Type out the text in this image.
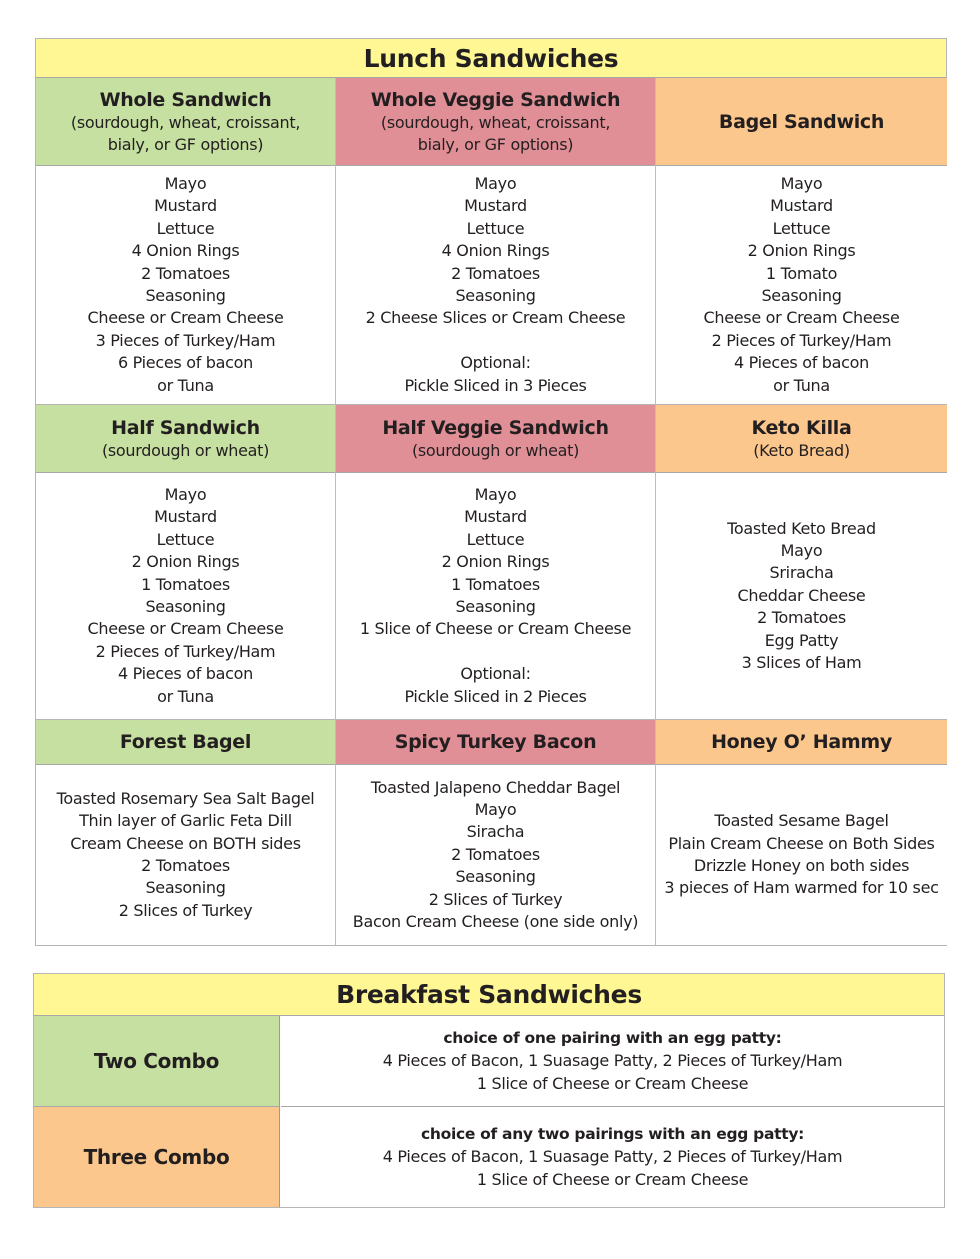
Lunch Sandwiches
Whole Sandwich
(sourdough, wheat, croissant,
bialy, or GF options)
Whole Veggie Sandwich
(sourdough, wheat, croissant,
bialy, or GF options)
Bagel Sandwich
Mayo
Mustard
Lettuce
4 Onion Rings
2 Tomatoes
Seasoning
Cheese or Cream Cheese
3 Pieces of Turkey/Ham
6 Pieces of bacon
or Tuna
Mayo
Mustard
Lettuce
4 Onion Rings
2 Tomatoes
Seasoning
2 Cheese Slices or Cream Cheese
Optional:
Pickle Sliced in 3 Pieces
Mayo
Mustard
Lettuce
2 Onion Rings
1 Tomato
Seasoning
Cheese or Cream Cheese
2 Pieces of Turkey/Ham
4 Pieces of bacon
or Tuna
Half Sandwich
(sourdough or wheat)
Half Veggie Sandwich
(sourdough or wheat)
Keto Killa
(Keto Bread)
Mayo
Mustard
Lettuce
2 Onion Rings
1 Tomatoes
Seasoning
Cheese or Cream Cheese
2 Pieces of Turkey/Ham
4 Pieces of bacon
or Tuna
Mayo
Mustard
Lettuce
2 Onion Rings
1 Tomatoes
Seasoning
1 Slice of Cheese or Cream Cheese
Optional:
Pickle Sliced in 2 Pieces
Toasted Keto Bread
Mayo
Sriracha
Cheddar Cheese
2 Tomatoes
Egg Patty
3 Slices of Ham
Forest Bagel	Spicy Turkey Bacon	Honey O’ Hammy
Toasted Rosemary Sea Salt Bagel
Thin layer of Garlic Feta Dill
Cream Cheese on BOTH sides
2 Tomatoes
Seasoning
2 Slices of Turkey
Toasted Jalapeno Cheddar Bagel
Mayo
Siracha
2 Tomatoes
Seasoning
2 Slices of Turkey
Bacon Cream Cheese (one side only)
Toasted Sesame Bagel
Plain Cream Cheese on Both Sides
Drizzle Honey on both sides
3 pieces of Ham warmed for 10 sec
Breakfast Sandwiches
Two Combo
choice of one pairing with an egg patty:
4 Pieces of Bacon, 1 Suasage Patty, 2 Pieces of Turkey/Ham
1 Slice of Cheese or Cream Cheese
Three Combo
choice of any two pairings with an egg patty:
4 Pieces of Bacon, 1 Suasage Patty, 2 Pieces of Turkey/Ham
1 Slice of Cheese or Cream Cheese
